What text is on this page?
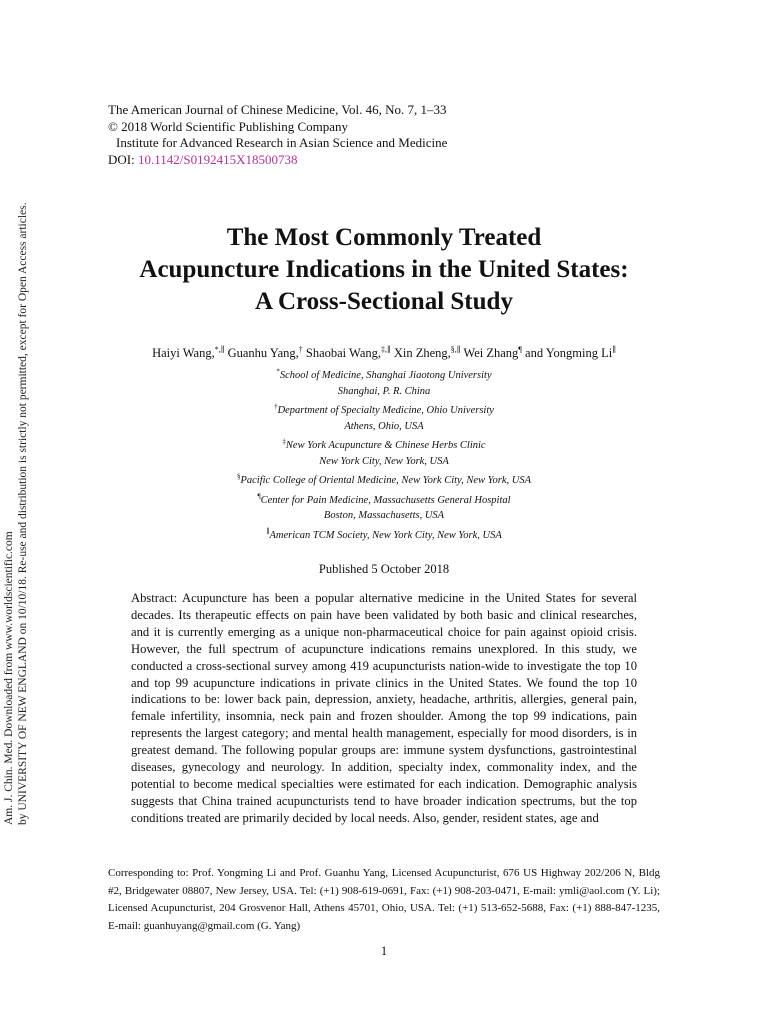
Am. J. Chin. Med. Downloaded from www.worldscientific.com by UNIVERSITY OF NEW ENGLAND on 10/10/18. Re-use and distribution is strictly not permitted, except for Open Access articles.
The American Journal of Chinese Medicine, Vol. 46, No. 7, 1–33
© 2018 World Scientific Publishing Company
Institute for Advanced Research in Asian Science and Medicine
DOI: 10.1142/S0192415X18500738
The Most Commonly Treated
Acupuncture Indications in the United States:
A Cross-Sectional Study
Haiyi Wang,*,∥ Guanhu Yang,† Shaobai Wang,‡,∥ Xin Zheng,§,∥ Wei Zhang¶ and Yongming Li∥
*School of Medicine, Shanghai Jiaotong University
Shanghai, P. R. China
†Department of Specialty Medicine, Ohio University
Athens, Ohio, USA
‡New York Acupuncture & Chinese Herbs Clinic
New York City, New York, USA
§Pacific College of Oriental Medicine, New York City, New York, USA
¶Center for Pain Medicine, Massachusetts General Hospital
Boston, Massachusetts, USA
∥American TCM Society, New York City, New York, USA
Published 5 October 2018
Abstract: Acupuncture has been a popular alternative medicine in the United States for several decades. Its therapeutic effects on pain have been validated by both basic and clinical researches, and it is currently emerging as a unique non-pharmaceutical choice for pain against opioid crisis. However, the full spectrum of acupuncture indications remains unexplored. In this study, we conducted a cross-sectional survey among 419 acupuncturists nation-wide to investigate the top 10 and top 99 acupuncture indications in private clinics in the United States. We found the top 10 indications to be: lower back pain, depression, anxiety, headache, arthritis, allergies, general pain, female infertility, insomnia, neck pain and frozen shoulder. Among the top 99 indications, pain represents the largest category; and mental health management, especially for mood disorders, is in greatest demand. The following popular groups are: immune system dysfunctions, gastrointestinal diseases, gynecology and neurology. In addition, specialty index, commonality index, and the potential to become medical specialties were estimated for each indication. Demographic analysis suggests that China trained acupuncturists tend to have broader indication spectrums, but the top conditions treated are primarily decided by local needs. Also, gender, resident states, age and
Corresponding to: Prof. Yongming Li and Prof. Guanhu Yang, Licensed Acupuncturist, 676 US Highway 202/206 N, Bldg #2, Bridgewater 08807, New Jersey, USA. Tel: (+1) 908-619-0691, Fax: (+1) 908-203-0471, E-mail: ymli@aol.com (Y. Li); Licensed Acupuncturist, 204 Grosvenor Hall, Athens 45701, Ohio, USA. Tel: (+1) 513-652-5688, Fax: (+1) 888-847-1235, E-mail: guanhuyang@gmail.com (G. Yang)
1
